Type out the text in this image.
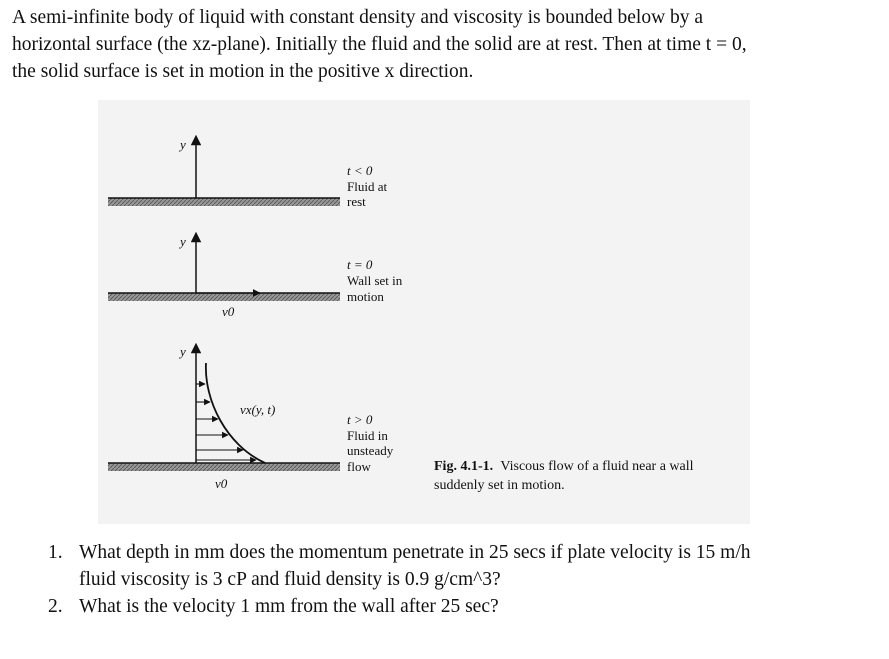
A semi-infinite body of liquid with constant density and viscosity is bounded below by a
horizontal surface (the xz-plane). Initially the fluid and the solid are at rest. Then at time t = 0,
the solid surface is set in motion in the positive x direction.

y
t < 0 Fluid at rest
y
v0
t = 0 Wall set in motion
y
vx(y, t)
v0
t > 0 Fluid in unsteady flow	Fig. 4.1-1. Viscous flow of a fluid near a wall suddenly set in motion.
1. What depth in mm does the momentum penetrate in 25 secs if plate velocity is 15 m/h
fluid viscosity is 3 cP and fluid density is 0.9 g/cm^3?
2. What is the velocity 1 mm from the wall after 25 sec?
